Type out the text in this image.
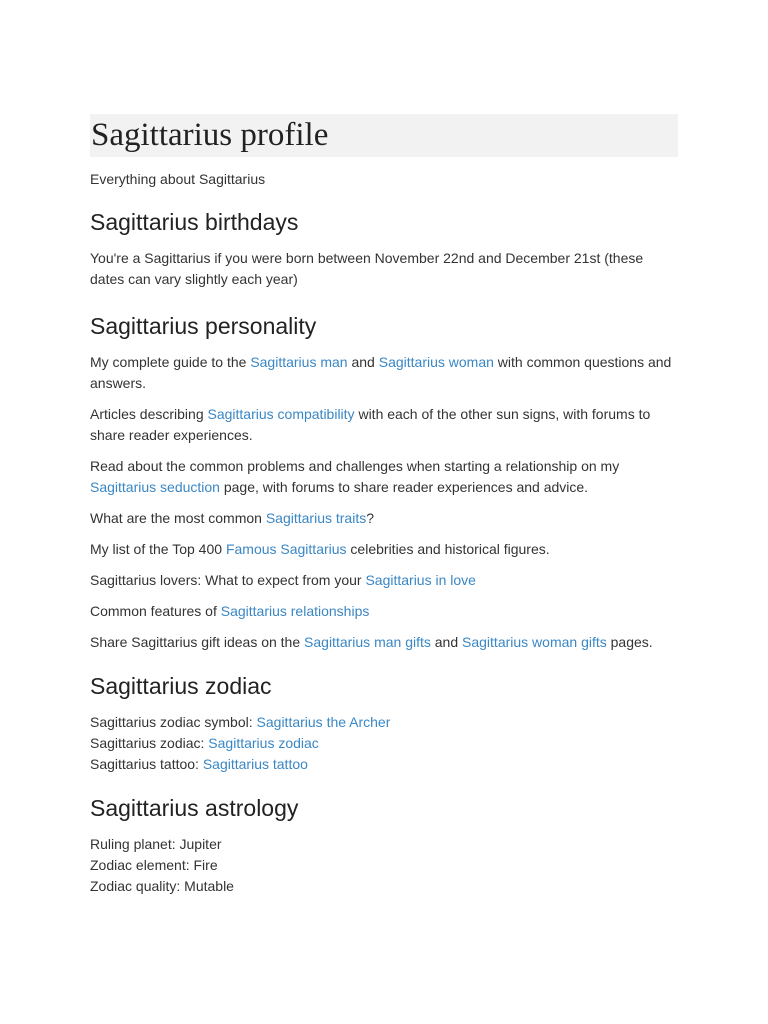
Sagittarius profile

Everything about Sagittarius

Sagittarius birthdays

You're a Sagittarius if you were born between November 22nd and December 21st (these dates can vary slightly each year)

Sagittarius personality

My complete guide to the Sagittarius man and Sagittarius woman with common questions and answers.

Articles describing Sagittarius compatibility with each of the other sun signs, with forums to share reader experiences.

Read about the common problems and challenges when starting a relationship on my Sagittarius seduction page, with forums to share reader experiences and advice.

What are the most common Sagittarius traits?

My list of the Top 400 Famous Sagittarius celebrities and historical figures.

Sagittarius lovers: What to expect from your Sagittarius in love

Common features of Sagittarius relationships

Share Sagittarius gift ideas on the Sagittarius man gifts and Sagittarius woman gifts pages.

Sagittarius zodiac

Sagittarius zodiac symbol: Sagittarius the Archer

Sagittarius zodiac: Sagittarius zodiac

Sagittarius tattoo: Sagittarius tattoo

Sagittarius astrology

Ruling planet: Jupiter

Zodiac element: Fire

Zodiac quality: Mutable
